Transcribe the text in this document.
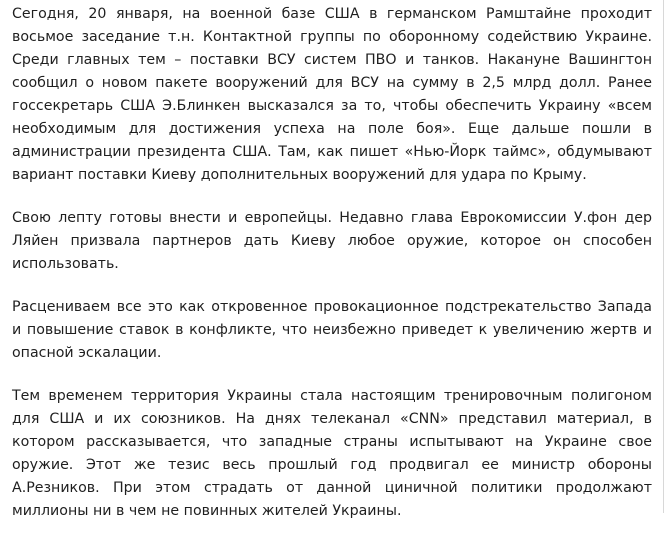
Сегодня, 20 января, на военной базе США в германском Рамштайне проходит восьмое заседание т.н. Контактной группы по оборонному содействию Украине. Среди главных тем – поставки ВСУ систем ПВО и танков. Накануне Вашингтон сообщил о новом пакете вооружений для ВСУ на сумму в 2,5 млрд долл. Ранее госсекретарь США Э.Блинкен высказался за то, чтобы обеспечить Украину «всем необходимым для достижения успеха на поле боя». Еще дальше пошли в администрации президента США. Там, как пишет «Нью-Йорк таймс», обдумывают вариант поставки Киеву дополнительных вооружений для удара по Крыму.

Свою лепту готовы внести и европейцы. Недавно глава Еврокомиссии У.фон дер Ляйен призвала партнеров дать Киеву любое оружие, которое он способен использовать.

Расцениваем все это как откровенное провокационное подстрекательство Запада и повышение ставок в конфликте, что неизбежно приведет к увеличению жертв и опасной эскалации.

Тем временем территория Украины стала настоящим тренировочным полигоном для США и их союзников. На днях телеканал «CNN» представил материал, в котором рассказывается, что западные страны испытывают на Украине свое оружие. Этот же тезис весь прошлый год продвигал ее министр обороны А.Резников. При этом страдать от данной циничной политики продолжают миллионы ни в чем не повинных жителей Украины.
